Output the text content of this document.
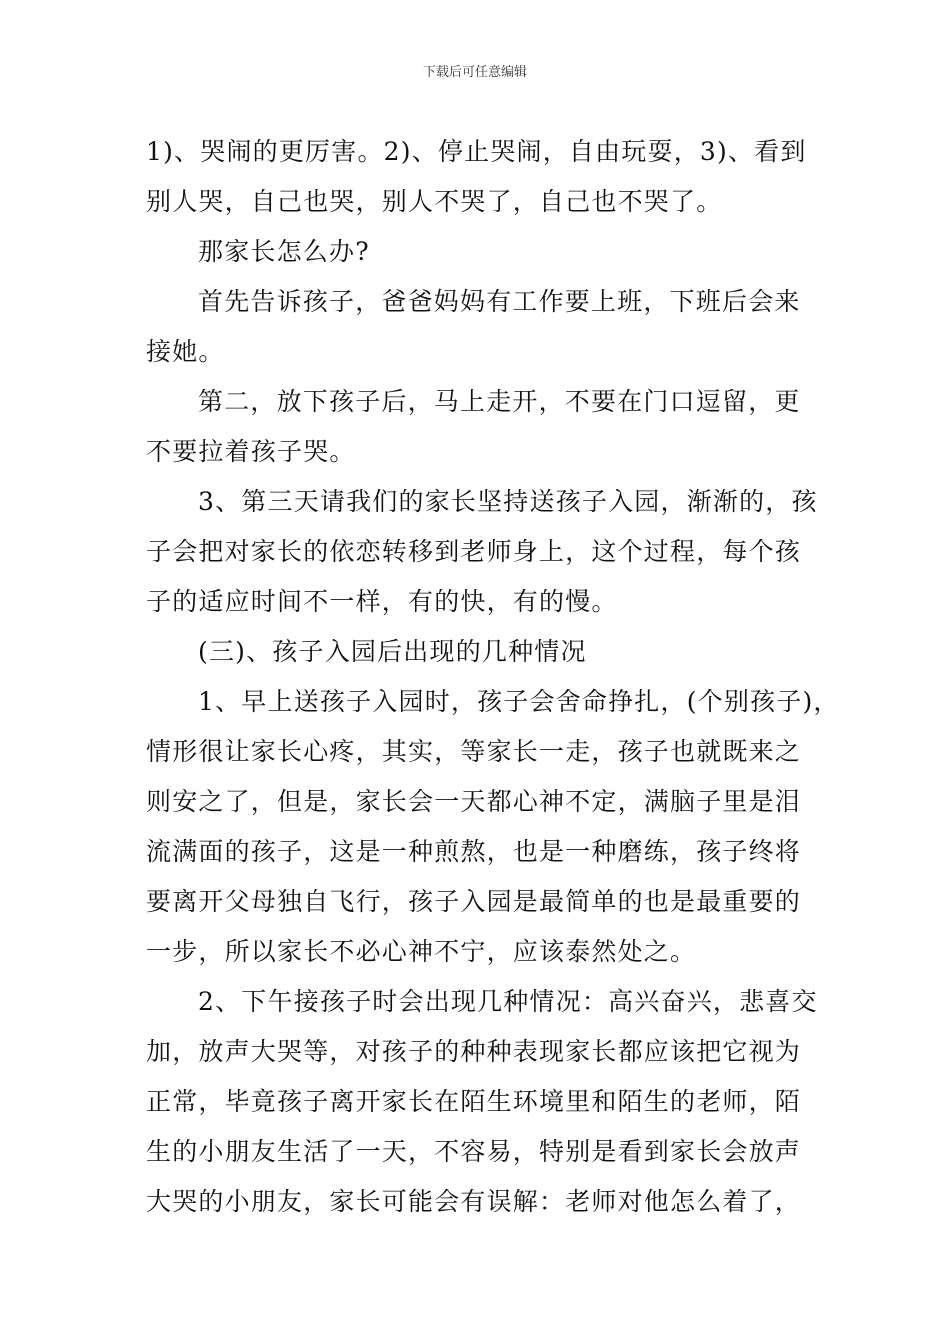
下载后可任意编辑

1)、哭闹的更厉害。2)、停止哭闹，自由玩耍，3)、看到
别人哭，自己也哭，别人不哭了，自己也不哭了。

那家长怎么办?

首先告诉孩子，爸爸妈妈有工作要上班，下班后会来
接她。

第二，放下孩子后，马上走开，不要在门口逗留，更
不要拉着孩子哭。

3、第三天请我们的家长坚持送孩子入园，渐渐的，孩
子会把对家长的依恋转移到老师身上，这个过程，每个孩
子的适应时间不一样，有的快，有的慢。

(三)、孩子入园后出现的几种情况

1、早上送孩子入园时，孩子会舍命挣扎，(个别孩子)，
情形很让家长心疼，其实，等家长一走，孩子也就既来之
则安之了，但是，家长会一天都心神不定，满脑子里是泪
流满面的孩子，这是一种煎熬，也是一种磨练，孩子终将
要离开父母独自飞行，孩子入园是最简单的也是最重要的
一步，所以家长不必心神不宁，应该泰然处之。

2、下午接孩子时会出现几种情况：高兴奋兴，悲喜交
加，放声大哭等，对孩子的种种表现家长都应该把它视为
正常，毕竟孩子离开家长在陌生环境里和陌生的老师，陌
生的小朋友生活了一天，不容易，特别是看到家长会放声
大哭的小朋友，家长可能会有误解：老师对他怎么着了，
